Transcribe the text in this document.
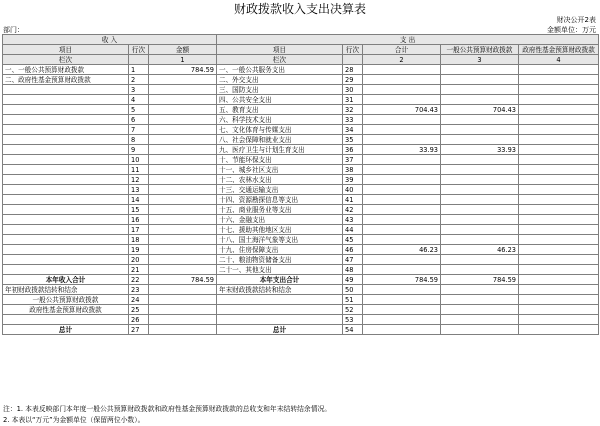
财政拨款收入支出决算表
财决公开2表
部门：	金额单位：万元
收 入			支 出				
项目	行次	金额	项目	行次	合计	一般公共预算财政拨款	政府性基金预算财政拨款
栏次		1	栏次		2	3	4
一、一般公共预算财政拨款	1	784.59	一、一般公共服务支出	28			
二、政府性基金预算财政拨款	2		二、外交支出	29			
	3		三、国防支出	30			
	4		四、公共安全支出	31			
	5		五、教育支出	32	704.43	704.43	
	6		六、科学技术支出	33			
	7		七、文化体育与传媒支出	34			
	8		八、社会保障和就业支出	35			
	9		九、医疗卫生与计划生育支出	36	33.93	33.93	
	10		十、节能环保支出	37			
	11		十一、城乡社区支出	38			
	12		十二、农林水支出	39			
	13		十三、交通运输支出	40			
	14		十四、资源勘探信息等支出	41			
	15		十五、商业服务业等支出	42			
	16		十六、金融支出	43			
	17		十七、援助其他地区支出	44			
	18		十八、国土海洋气象等支出	45			
	19		十九、住房保障支出	46	46.23	46.23	
	20		二十、粮油物资储备支出	47			
	21		二十一、其他支出	48			
本年收入合计	22	784.59	本年支出合计	49	784.59	784.59	
年初财政拨款结转和结余	23		年末财政拨款结转和结余	50			
一般公共预算财政拨款	24			51			
政府性基金预算财政拨款	25			52			
	26			53			
总计	27		总计	54			
注：1. 本表反映部门本年度一般公共预算财政拨款和政府性基金预算财政拨款的总收支和年末结转结余情况。
2. 本表以“万元”为金额单位（保留两位小数）。
